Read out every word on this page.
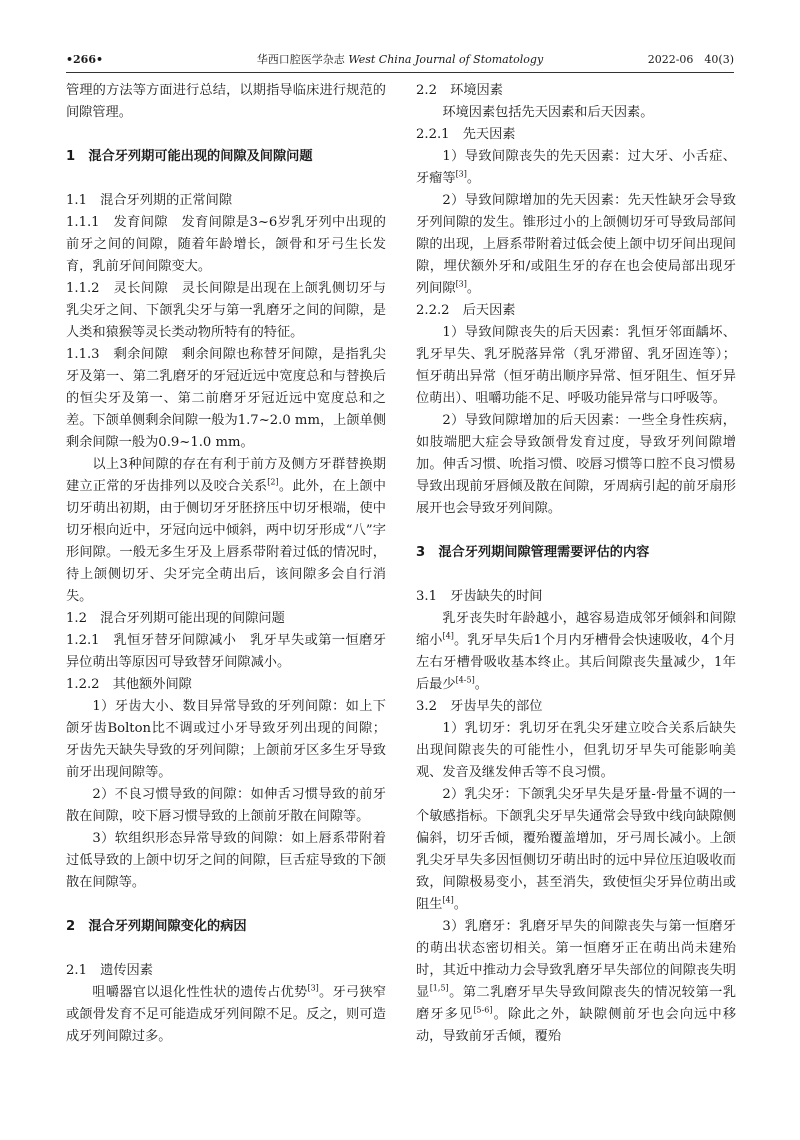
•266•	华西口腔医学杂志 West China Journal of Stomatology	2022-06　40(3)

管理的方法等方面进行总结，以期指导临床进行规范的间隙管理。

1　混合牙列期可能出现的间隙及间隙问题

1.1　混合牙列期的正常间隙

1.1.1　发育间隙　发育间隙是3~6岁乳牙列中出现的前牙之间的间隙，随着年龄增长，颌骨和牙弓生长发育，乳前牙间间隙变大。

1.1.2　灵长间隙　灵长间隙是出现在上颌乳侧切牙与乳尖牙之间、下颌乳尖牙与第一乳磨牙之间的间隙，是人类和猿猴等灵长类动物所特有的特征。

1.1.3　剩余间隙　剩余间隙也称替牙间隙，是指乳尖牙及第一、第二乳磨牙的牙冠近远中宽度总和与替换后的恒尖牙及第一、第二前磨牙牙冠近远中宽度总和之差。下颌单侧剩余间隙一般为1.7~2.0 mm，上颌单侧剩余间隙一般为0.9~1.0 mm。

以上3种间隙的存在有利于前方及侧方牙群替换期建立正常的牙齿排列以及咬合关系[2]。此外，在上颌中切牙萌出初期，由于侧切牙牙胚挤压中切牙根端，使中切牙根向近中，牙冠向远中倾斜，两中切牙形成“八”字形间隙。一般无多生牙及上唇系带附着过低的情况时，待上颌侧切牙、尖牙完全萌出后，该间隙多会自行消失。

1.2　混合牙列期可能出现的间隙问题

1.2.1　乳恒牙替牙间隙减小　乳牙早失或第一恒磨牙异位萌出等原因可导致替牙间隙减小。

1.2.2　其他额外间隙

1）牙齿大小、数目异常导致的牙列间隙：如上下颌牙齿Bolton比不调或过小牙导致牙列出现的间隙；牙齿先天缺失导致的牙列间隙；上颌前牙区多生牙导致前牙出现间隙等。

2）不良习惯导致的间隙：如伸舌习惯导致的前牙散在间隙，咬下唇习惯导致的上颌前牙散在间隙等。

3）软组织形态异常导致的间隙：如上唇系带附着过低导致的上颌中切牙之间的间隙，巨舌症导致的下颌散在间隙等。

2　混合牙列期间隙变化的病因

2.1　遗传因素

咀嚼器官以退化性性状的遗传占优势[3]。牙弓狭窄或颌骨发育不足可能造成牙列间隙不足。反之，则可造成牙列间隙过多。

2.2　环境因素

环境因素包括先天因素和后天因素。

2.2.1　先天因素

1）导致间隙丧失的先天因素：过大牙、小舌症、牙瘤等[3]。

2）导致间隙增加的先天因素：先天性缺牙会导致牙列间隙的发生。锥形过小的上颌侧切牙可导致局部间隙的出现，上唇系带附着过低会使上颌中切牙间出现间隙，埋伏额外牙和/或阻生牙的存在也会使局部出现牙列间隙[3]。

2.2.2　后天因素

1）导致间隙丧失的后天因素：乳恒牙邻面龋坏、乳牙早失、乳牙脱落异常（乳牙滞留、乳牙固连等）；恒牙萌出异常（恒牙萌出顺序异常、恒牙阻生、恒牙异位萌出）、咀嚼功能不足、呼吸功能异常与口呼吸等。

2）导致间隙增加的后天因素：一些全身性疾病，如肢端肥大症会导致颌骨发育过度，导致牙列间隙增加。伸舌习惯、吮指习惯、咬唇习惯等口腔不良习惯易导致出现前牙唇倾及散在间隙，牙周病引起的前牙扇形展开也会导致牙列间隙。

3　混合牙列期间隙管理需要评估的内容

3.1　牙齿缺失的时间

乳牙丧失时年龄越小，越容易造成邻牙倾斜和间隙缩小[4]。乳牙早失后1个月内牙槽骨会快速吸收，4个月左右牙槽骨吸收基本终止。其后间隙丧失量减少，1年后最少[4-5]。

3.2　牙齿早失的部位

1）乳切牙：乳切牙在乳尖牙建立咬合关系后缺失出现间隙丧失的可能性小，但乳切牙早失可能影响美观、发音及继发伸舌等不良习惯。

2）乳尖牙：下颌乳尖牙早失是牙量-骨量不调的一个敏感指标。下颌乳尖牙早失通常会导致中线向缺隙侧偏斜，切牙舌倾，覆殆覆盖增加，牙弓周长减小。上颌乳尖牙早失多因恒侧切牙萌出时的远中异位压迫吸收而致，间隙极易变小，甚至消失，致使恒尖牙异位萌出或阻生[4]。

3）乳磨牙：乳磨牙早失的间隙丧失与第一恒磨牙的萌出状态密切相关。第一恒磨牙正在萌出尚未建殆时，其近中推动力会导致乳磨牙早失部位的间隙丧失明显[1,5]。第二乳磨牙早失导致间隙丧失的情况较第一乳磨牙多见[5-6]。除此之外，缺隙侧前牙也会向远中移动，导致前牙舌倾，覆殆
